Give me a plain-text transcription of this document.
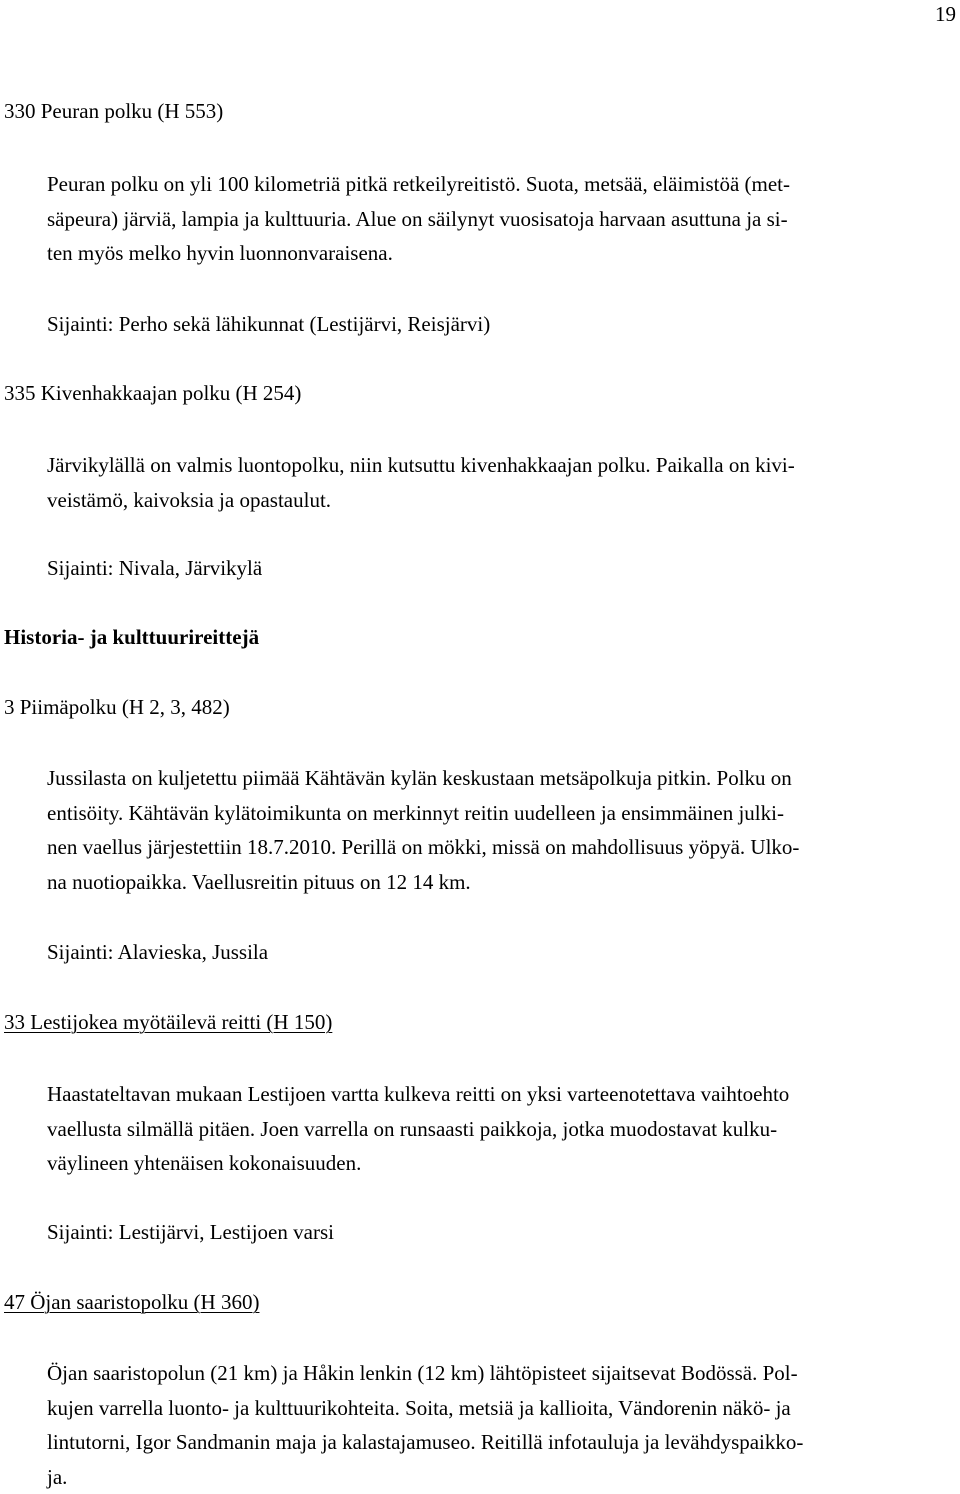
19
330 Peuran polku (H 553)

Peuran polku on yli 100 kilometriä pitkä retkeilyreitistö. Suota, metsää, eläimistöä (met-
säpeura) järviä, lampia ja kulttuuria. Alue on säilynyt vuosisatoja harvaan asuttuna ja si-
ten myös melko hyvin luonnonvaraisena.

Sijainti: Perho sekä lähikunnat (Lestijärvi, Reisjärvi)
335 Kivenhakkaajan polku (H 254)

Järvikylällä on valmis luontopolku, niin kutsuttu kivenhakkaajan polku. Paikalla on kivi-
veistämö, kaivoksia ja opastaulut.

Sijainti: Nivala, Järvikylä
Historia- ja kulttuurireittejä
3 Piimäpolku (H 2, 3, 482)

Jussilasta on kuljetettu piimää Kähtävän kylän keskustaan metsäpolkuja pitkin. Polku on
entisöity. Kähtävän kylätoimikunta on merkinnyt reitin uudelleen ja ensimmäinen julki-
nen vaellus järjestettiin 18.7.2010. Perillä on mökki, missä on mahdollisuus yöpyä. Ulko-
na nuotiopaikka. Vaellusreitin pituus on 12 14 km.

Sijainti: Alavieska, Jussila
33 Lestijokea myötäilevä reitti (H 150)

Haastateltavan mukaan Lestijoen vartta kulkeva reitti on yksi varteenotettava vaihtoehto
vaellusta silmällä pitäen. Joen varrella on runsaasti paikkoja, jotka muodostavat kulku-
väylineen yhtenäisen kokonaisuuden.

Sijainti: Lestijärvi, Lestijoen varsi
47 Öjan saaristopolku (H 360)

Öjan saaristopolun (21 km) ja Håkin lenkin (12 km) lähtöpisteet sijaitsevat Bodössä. Pol-
kujen varrella luonto- ja kulttuurikohteita. Soita, metsiä ja kallioita, Vändorenin näkö- ja
lintutorni, Igor Sandmanin maja ja kalastajamuseo. Reitillä infotauluja ja levähdyspaikko-
ja.
